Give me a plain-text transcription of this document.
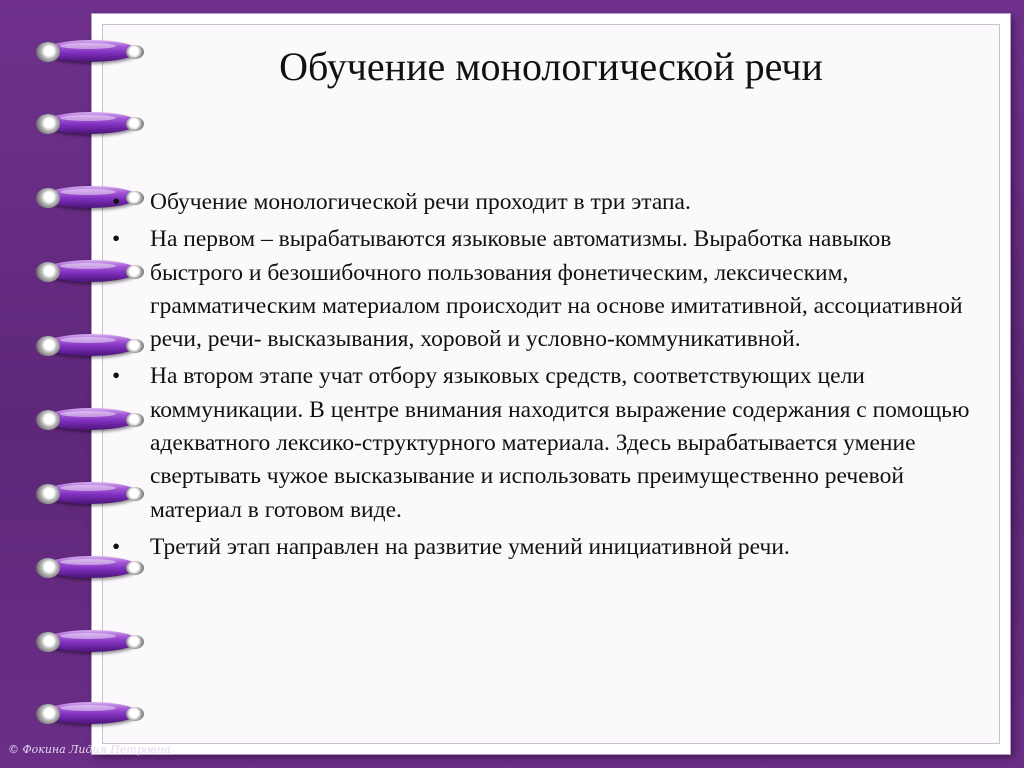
Обучение монологической речи
•	Обучение монологической речи проходит в три этапа.
•	На первом – вырабатываются языковые автоматизмы. Выработка навыков быстрого и безошибочного пользования фонетическим, лексическим, грамматическим материалом происходит на основе имитативной, ассоциативной речи, речи- высказывания, хоровой и условно-коммуникативной.
•	На втором этапе учат отбору языковых средств, соответствующих цели коммуникации. В центре внимания находится выражение содержания с помощью адекватного лексико-структурного материала. Здесь вырабатывается умение свертывать чужое высказывание и использовать преимущественно речевой материал в готовом виде.
•	Третий этап направлен на развитие умений инициативной речи.
© Фокина Лидия Петровна
